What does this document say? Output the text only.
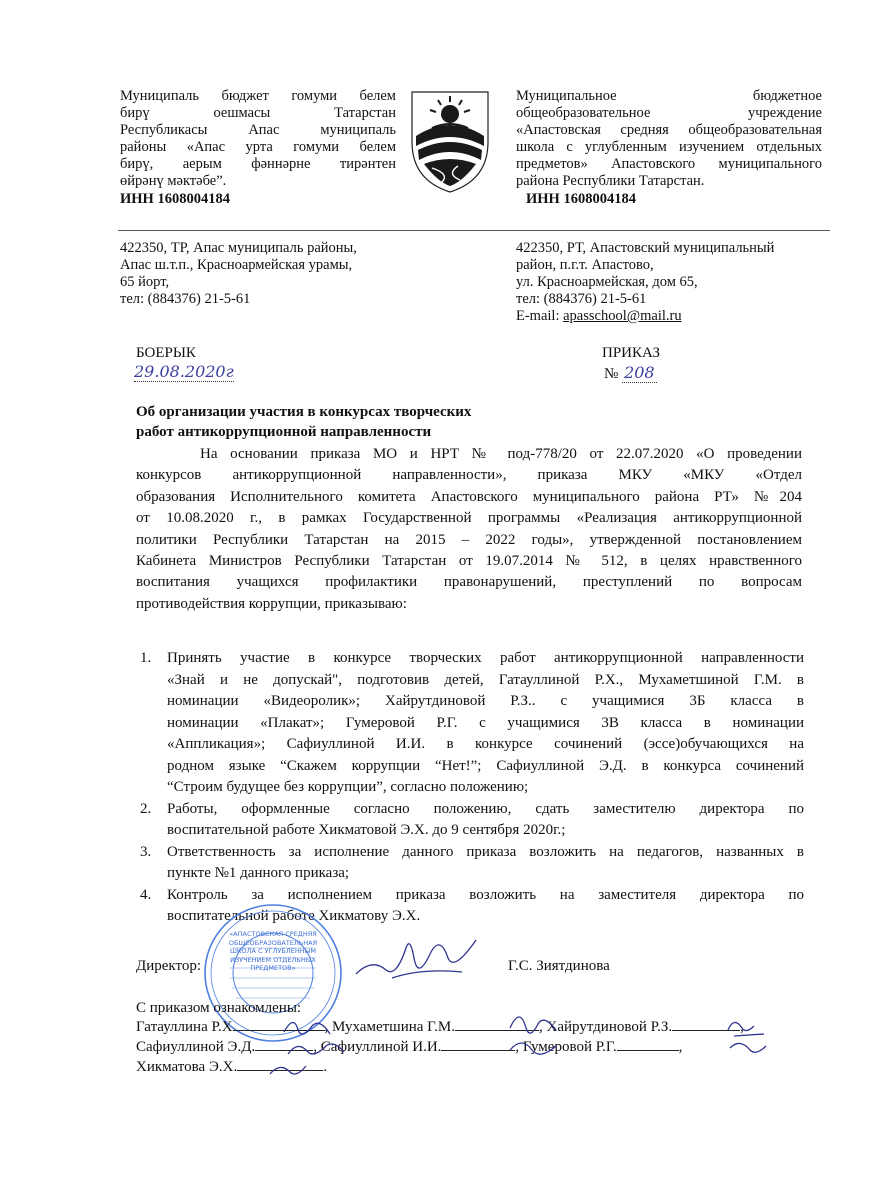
Муниципаль бюджет гомуми белем
бирү оешмасы Татарстан
Республикасы Апас муниципаль
районы «Апас урта гомуми белем
бирү, аерым фәннәрне тирәнтен
өйрәнү мәктәбе”.
ИНН 1608004184
Муниципальное бюджетное
общеобразовательное учреждение
«Апастовская средняя общеобразовательная
школа с углубленным изучением отдельных
предметов» Апастовского муниципального
района Республики Татарстан.
ИНН 1608004184
422350, ТР, Апас муниципаль районы,
Апас ш.т.п., Красноармейская урамы,
65 йорт,
тел: (884376) 21-5-61
422350, РТ, Апастовский муниципальный
район, п.г.т. Апастово,
ул. Красноармейская, дом 65,
тел: (884376) 21-5-61
E-mail: apasschool@mail.ru
БОЕРЫК
29.08.2020г
ПРИКАЗ
№ 208
Об организации участия в конкурсах творческих
работ антикоррупционной направленности
На основании приказа МО и НРТ № под-778/20 от 22.07.2020 «О проведении
конкурсов антикоррупционной направленности», приказа МКУ «МКУ «Отдел
образования Исполнительного комитета Апастовского муниципального района РТ» №204
от 10.08.2020 г., в рамках Государственной программы «Реализация антикоррупционной
политики Республики Татарстан на 2015 – 2022 годы», утвержденной постановлением
Кабинета Министров Республики Татарстан от 19.07.2014 № 512, в целях нравственного
воспитания учащихся профилактики правонарушений, преступлений по вопросам
противодействия коррупции, приказываю:
1. Принять участие в конкурсе творческих работ антикоррупционной направленности
«Знай и не допускай", подготовив детей, Гатауллиной Р.Х., Мухаметшиной Г.М. в
номинации «Видеоролик»; Хайрутдиновой Р.З.. с учащимися 3Б класса в
номинации «Плакат»; Гумеровой Р.Г. с учащимися 3В класса в номинации
«Аппликация»; Сафиуллиной И.И. в конкурсе сочинений (эссе)обучающихся на
родном языке “Скажем коррупции “Нет!”; Сафиуллиной Э.Д. в конкурса сочинений
“Строим будущее без коррупции”, согласно положению;
2. Работы, оформленные согласно положению, сдать заместителю директора по
воспитательной работе Хикматовой Э.Х. до 9 сентября 2020г.;
3. Ответственность за исполнение данного приказа возложить на педагогов, названных в
пункте №1 данного приказа;
4. Контроль за исполнением приказа возложить на заместителя директора по
воспитательной работе Хикматову Э.Х.
«АПАСТОВСКАЯ СРЕДНЯЯ ОБЩЕОБРАЗОВАТЕЛЬНАЯ ШКОЛА С УГЛУБЛЕННЫМ ИЗУЧЕНИЕМ ОТДЕЛЬНЫХ ПРЕДМЕТОВ»
Директор:	Г.С. Зиятдинова
С приказом ознакомлены:
Гатауллина Р.Х	, Мухаметшина Г.М.	, Хайрутдиновой Р.З.	,
Сафиуллиной Э.Д.	, Сафиуллиной И.И.	, Гумеровой Р.Г.	,
Хикматова Э.Х.	.
